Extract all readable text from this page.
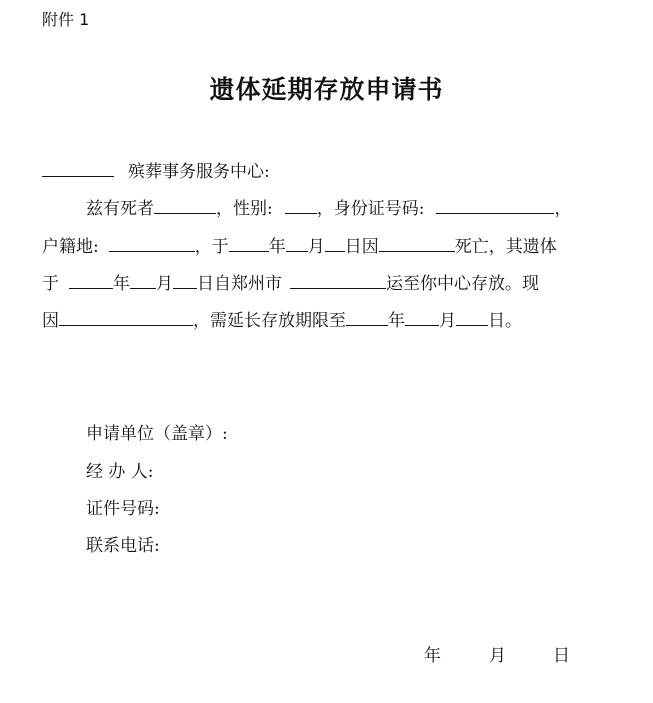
附件 1
遗体延期存放申请书
殡葬事务服务中心:
兹有死者	，性别:	，身份证号码:	，
户籍地:	，于 年 月 日因	死亡，其遗体
于	年 月 日自郑州市	运至你中心存放。现
因	，需延长存放期限至 年 月 日。
申请单位（盖章）:
经 办 人:
证件号码:
联系电话:
年	月	日
